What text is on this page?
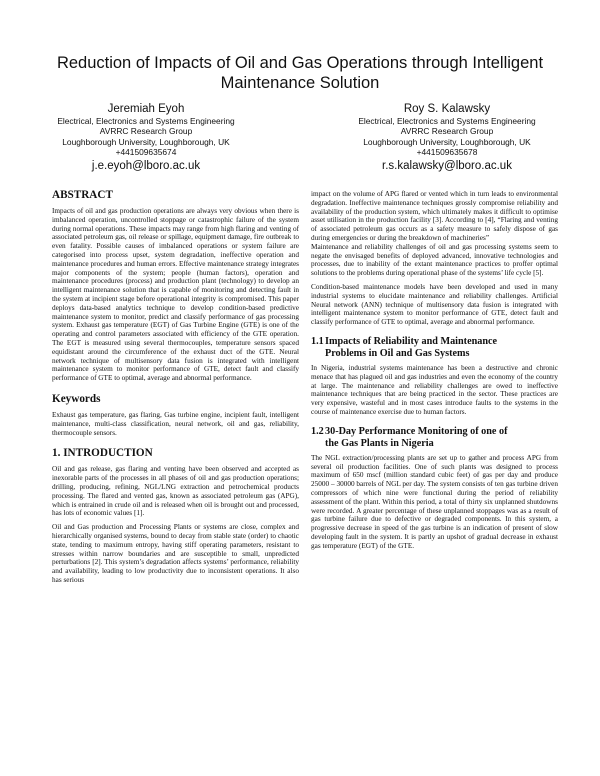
Reduction of Impacts of Oil and Gas Operations through Intelligent Maintenance Solution
Jeremiah Eyoh
Electrical, Electronics and Systems Engineering
AVRRC Research Group
Loughborough University, Loughborough, UK
+441509635674
j.e.eyoh@lboro.ac.uk
Roy S. Kalawsky
Electrical, Electronics and Systems Engineering
AVRRC Research Group
Loughborough University, Loughborough, UK
+441509635678
r.s.kalawsky@lboro.ac.uk
ABSTRACT

Impacts of oil and gas production operations are always very obvious when there is imbalanced operation, uncontrolled stoppage or catastrophic failure of the system during normal operations. These impacts may range from high flaring and venting of associated petroleum gas, oil release or spillage, equipment damage, fire outbreak to even fatality. Possible causes of imbalanced operations or system failure are categorised into process upset, system degradation, ineffective operation and maintenance procedures and human errors. Effective maintenance strategy integrates major components of the system; people (human factors), operation and maintenance procedures (process) and production plant (technology) to develop an intelligent maintenance solution that is capable of monitoring and detecting fault in the system at incipient stage before operational integrity is compromised. This paper deploys data-based analytics technique to develop condition-based predictive maintenance system to monitor, predict and classify performance of gas processing system. Exhaust gas temperature (EGT) of Gas Turbine Engine (GTE) is one of the operating and control parameters associated with efficiency of the GTE operation. The EGT is measured using several thermocouples, temperature sensors spaced equidistant around the circumference of the exhaust duct of the GTE. Neural network technique of multisensory data fusion is integrated with intelligent maintenance system to monitor performance of GTE, detect fault and classify performance of GTE to optimal, average and abnormal performance.

Keywords

Exhaust gas temperature, gas flaring, Gas turbine engine, incipient fault, intelligent maintenance, multi-class classification, neural network, oil and gas, reliability, thermocouple sensors.

1. INTRODUCTION

Oil and gas release, gas flaring and venting have been observed and accepted as inexorable parts of the processes in all phases of oil and gas production operations; drilling, producing, refining, NGL/LNG extraction and petrochemical products processing. The flared and vented gas, known as associated petroleum gas (APG), which is entrained in crude oil and is released when oil is brought out and processed, has lots of economic values [1].

Oil and Gas production and Processing Plants or systems are close, complex and hierarchically organised systems, bound to decay from stable state (order) to chaotic state, tending to maximum entropy, having stiff operating parameters, resistant to stresses within narrow boundaries and are susceptible to small, unpredicted perturbations [2]. This system’s degradation affects systems’ performance, reliability and availability, leading to low productivity due to inconsistent operations. It also has serious

impact on the volume of APG flared or vented which in turn leads to environmental degradation. Ineffective maintenance techniques grossly compromise reliability and availability of the production system, which ultimately makes it difficult to optimise asset utilisation in the production facility [3]. According to [4], “Flaring and venting of associated petroleum gas occurs as a safety measure to safely dispose of gas during emergencies or during the breakdown of machineries”

Maintenance and reliability challenges of oil and gas processing systems seem to negate the envisaged benefits of deployed advanced, innovative technologies and processes, due to inability of the extant maintenance practices to proffer optimal solutions to the problems during operational phase of the systems’ life cycle [5].

Condition-based maintenance models have been developed and used in many industrial systems to elucidate maintenance and reliability challenges. Artificial Neural network (ANN) technique of multisensory data fusion is integrated with intelligent maintenance system to monitor performance of GTE, detect fault and classify performance of GTE to optimal, average and abnormal performance.

1.1Impacts of Reliability and Maintenance
Problems in Oil and Gas Systems

In Nigeria, industrial systems maintenance has been a destructive and chronic menace that has plagued oil and gas industries and even the economy of the country at large. The maintenance and reliability challenges are owed to ineffective maintenance techniques that are being practiced in the sector. These practices are very expensive, wasteful and in most cases introduce faults to the systems in the course of maintenance exercise due to human factors.

1.230-Day Performance Monitoring of one of
the Gas Plants in Nigeria

The NGL extraction/processing plants are set up to gather and process APG from several oil production facilities. One of such plants was designed to process maximum of 650 mscf (million standard cubic feet) of gas per day and produce 25000 – 30000 barrels of NGL per day. The system consists of ten gas turbine driven compressors of which nine were functional during the period of reliability assessment of the plant. Within this period, a total of thirty six unplanned shutdowns were recorded. A greater percentage of these unplanned stoppages was as a result of gas turbine failure due to defective or degraded components. In this system, a progressive decrease in speed of the gas turbine is an indication of present of slow developing fault in the system. It is partly an upshot of gradual decrease in exhaust gas temperature (EGT) of the GTE.
